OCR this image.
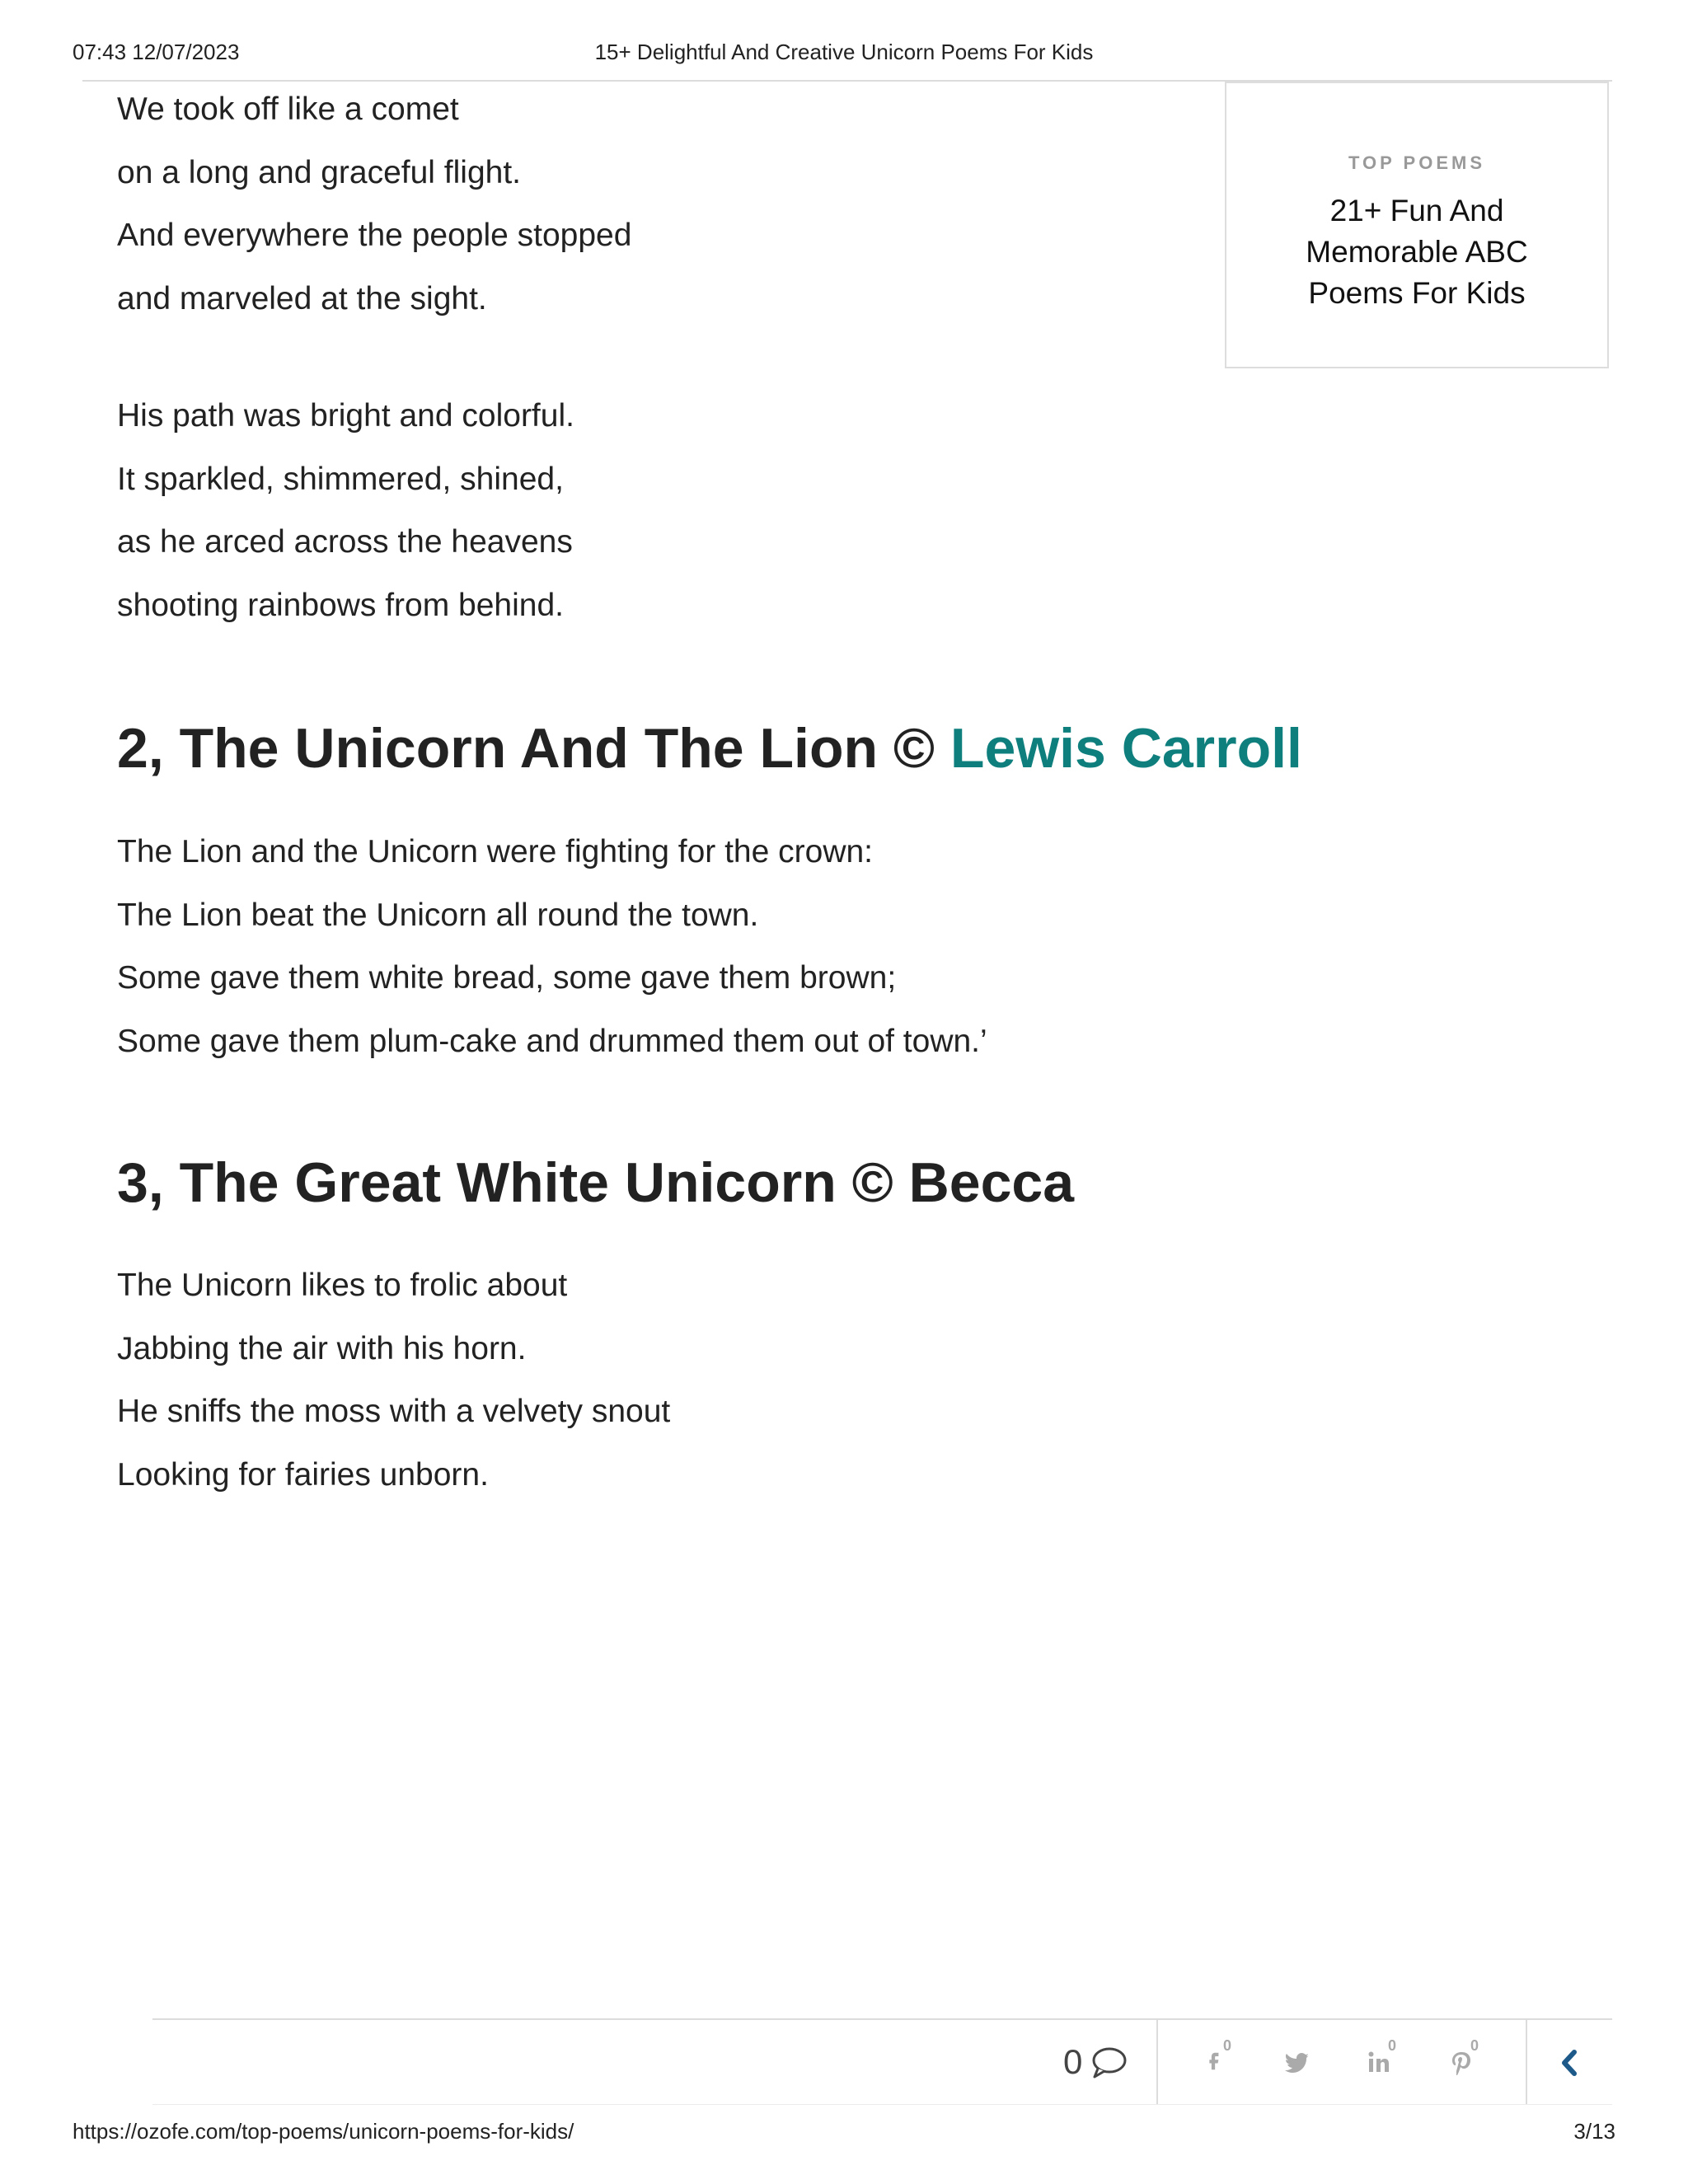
07:43 12/07/2023	15+ Delightful And Creative Unicorn Poems For Kids
We took off like a comet
on a long and graceful flight.
And everywhere the people stopped
and marveled at the sight.
His path was bright and colorful.
It sparkled, shimmered, shined,
as he arced across the heavens
shooting rainbows from behind.
2, The Unicorn And The Lion © Lewis Carroll
The Lion and the Unicorn were fighting for the crown:
The Lion beat the Unicorn all round the town.
Some gave them white bread, some gave them brown;
Some gave them plum-cake and drummed them out of town.’
3, The Great White Unicorn © Becca
The Unicorn likes to frolic about
Jabbing the air with his horn.
He sniffs the moss with a velvety snout
Looking for fairies unborn.
TOP POEMS
21+ Fun And Memorable ABC Poems For Kids
0	0	0	0
https://ozofe.com/top-poems/unicorn-poems-for-kids/	3/13
